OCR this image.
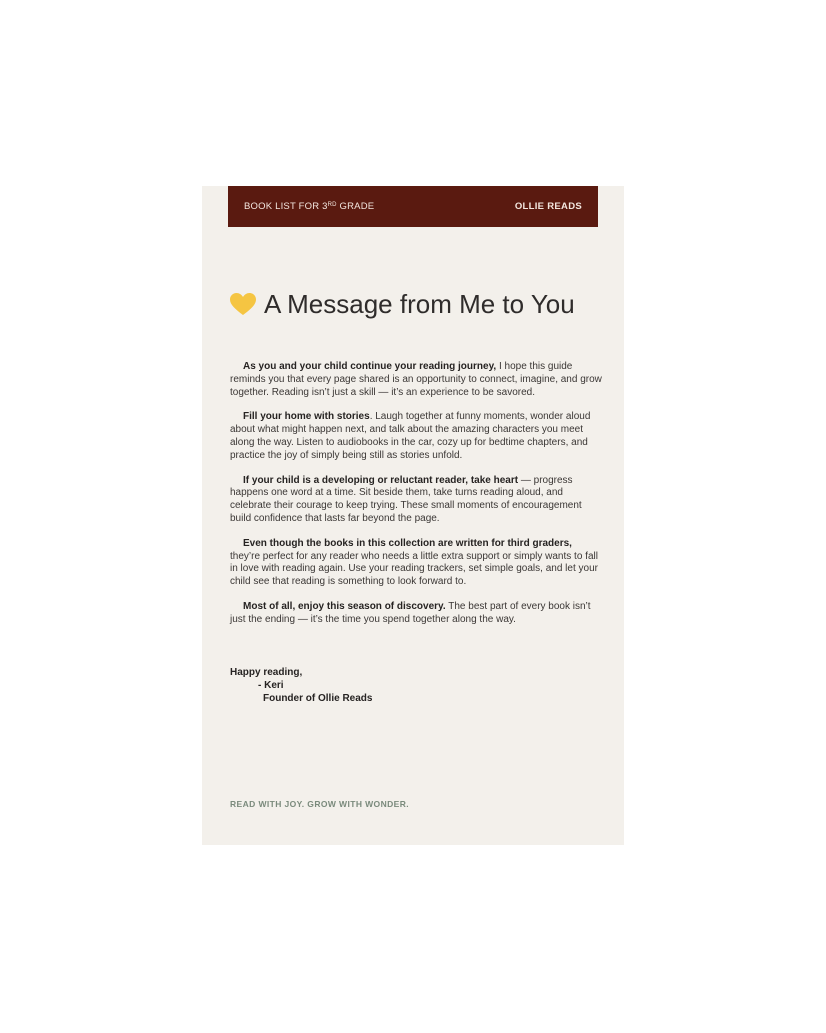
BOOK LIST FOR 3RD GRADE	OLLIE READS
A Message from Me to You

As you and your child continue your reading journey, I hope this guide reminds you that every page shared is an opportunity to connect, imagine, and grow together. Reading isn’t just a skill — it’s an experience to be savored.

Fill your home with stories. Laugh together at funny moments, wonder aloud about what might happen next, and talk about the amazing characters you meet along the way. Listen to audiobooks in the car, cozy up for bedtime chapters, and practice the joy of simply being still as stories unfold.

If your child is a developing or reluctant reader, take heart — progress happens one word at a time. Sit beside them, take turns reading aloud, and celebrate their courage to keep trying. These small moments of encouragement build confidence that lasts far beyond the page.

Even though the books in this collection are written for third graders, they’re perfect for any reader who needs a little extra support or simply wants to fall in love with reading again. Use your reading trackers, set simple goals, and let your child see that reading is something to look forward to.

Most of all, enjoy this season of discovery. The best part of every book isn’t just the ending — it’s the time you spend together along the way.

Happy reading,
- Keri
Founder of Ollie Reads
READ WITH JOY. GROW WITH WONDER.
